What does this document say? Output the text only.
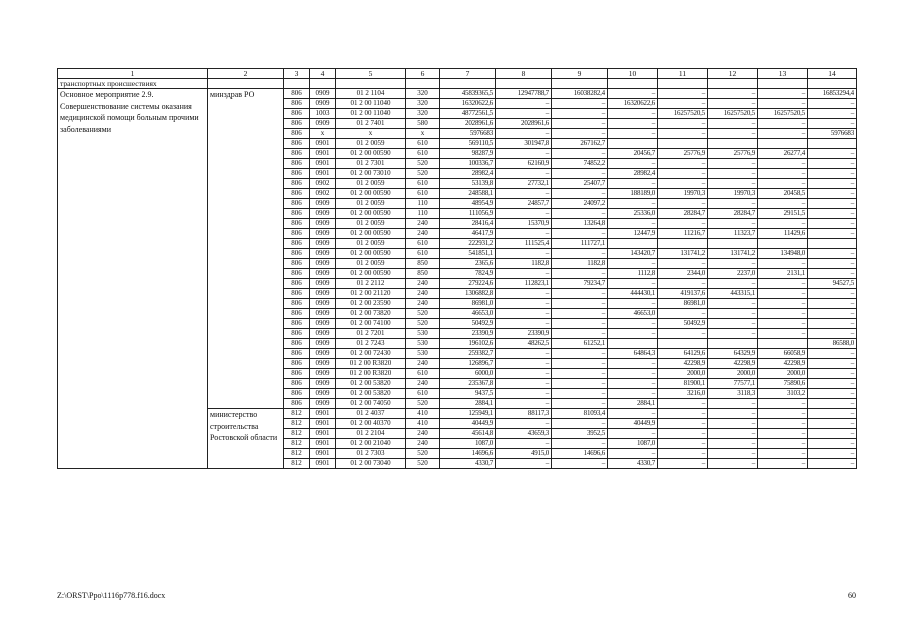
1	2	3	4	5	6	7	8	9	10	11	12	13	14
транспортных происшествиях													
Основное мероприятие 2.9. Совершенствование системы оказания медицинской помощи больным прочими заболеваниями	минздрав РО	806	0909	01 2 1104	320	45839365,5	12947788,7	16038282,4	–	–	–	–	16853294,4
		806	0909	01 2 00 11040	320	16320622,6	–	–	16320622,6	–	–	–	–
		806	1003	01 2 00 11040	320	48772561,5	–	–	–	16257520,5	16257520,5	16257520,5	–
		806	0909	01 2 7401	580	2028961,6	2028961,6	–	–	–	–	–	–
		806	x	x	x	5976683	–	–	–	–	–	–	5976683
		806	0901	01 2 0059	610	569110,5	301947,8	267162,7					
		806	0901	01 2 00 00590	610	98287,9	–	–	20456,7	25776,9	25776,9	26277,4	–
		806	0901	01 2 7301	520	100336,7	62160,9	74852,2	–	–	–	–	–
		806	0901	01 2 00 73010	520	28982,4	–	–	28982,4	–	–	–	–
		806	0902	01 2 0059	610	53139,8	27732,1	25407,7	–	–	–	–	–
		806	0902	01 2 00 00590	610	248588,1	–	–	188189,0	19970,3	19970,3	20458,5	–
		806	0909	01 2 0059	110	48954,9	24857,7	24097,2	–	–	–	–	–
		806	0909	01 2 00 00590	110	111056,9	–	–	25336,0	28284,7	28284,7	29151,5	–
		806	0909	01 2 0059	240	28416,4	15370,9	13264,8	–	–	–	–	–
		806	0909	01 2 00 00590	240	46417,9	–	–	12447,9	11216,7	11323,7	11429,6	–
		806	0909	01 2 0059	610	222931,2	111525,4	111727,1					
		806	0909	01 2 00 00590	610	541851,1	–	–	143420,7	131741,2	131741,2	134948,0	–
		806	0909	01 2 0059	850	2365,6	1182,8	1182,8	–	–	–	–	–
		806	0909	01 2 00 00590	850	7824,9	–	–	1112,8	2344,0	2237,0	2131,1	–
		806	0909	01 2 2112	240	279224,6	112823,1	79234,7	–	–	–	–	94527,5
		806	0909	01 2 00 21120	240	1306882,8	–	–	444430,1	419137,6	443315,1	–	–
		806	0909	01 2 00 23590	240	86981,0	–	–	–	86981,0	–	–	–
		806	0909	01 2 00 73820	520	46653,0	–	–	46653,0	–	–	–	–
		806	0909	01 2 00 74100	520	50492,9	–	–	–	50492,9	–	–	–
		806	0909	01 2 7201	530	23390,9	23390,9	–	–	–	–	–	–
		806	0909	01 2 7243	530	196102,6	48262,5	61252,1					86588,0
		806	0909	01 2 00 72430	530	259382,7	–	–	64864,3	64129,6	64329,9	66058,9	–
		806	0909	01 2 00 R3820	240	126896,7	–	–	–	42298,9	42298,9	42298,9	–
		806	0909	01 2 00 R3820	610	6000,0	–	–	–	2000,0	2000,0	2000,0	–
		806	0909	01 2 00 53820	240	235367,8	–	–	–	81900,1	77577,1	75890,6	–
		806	0909	01 2 00 53820	610	9437,5	–	–	–	3216,0	3118,3	3103,2	–
		806	0909	01 2 00 74050	520	2884,1	–	–	2884,1	–	–	–	–
	министерство строительства Ростовской области	812	0901	01 2 4037	410	125949,1	88117,3	81093,4	–	–	–	–	–
		812	0901	01 2 00 40370	410	40449,9	–	–	40449,9	–	–	–	–
		812	0901	01 2 2104	240	45614,8	43659,3	3952,5	–	–	–	–	–
		812	0901	01 2 00 21040	240	1087,0	–	–	1087,0	–	–	–	–
		812	0901	01 2 7303	520	14696,6	4915,0	14696,6	–	–	–	–	–
		812	0901	01 2 00 73040	520	4330,7	–	–	4330,7	–	–	–	–
Z:\ORST\Ppo\1116p778.f16.docx	60
